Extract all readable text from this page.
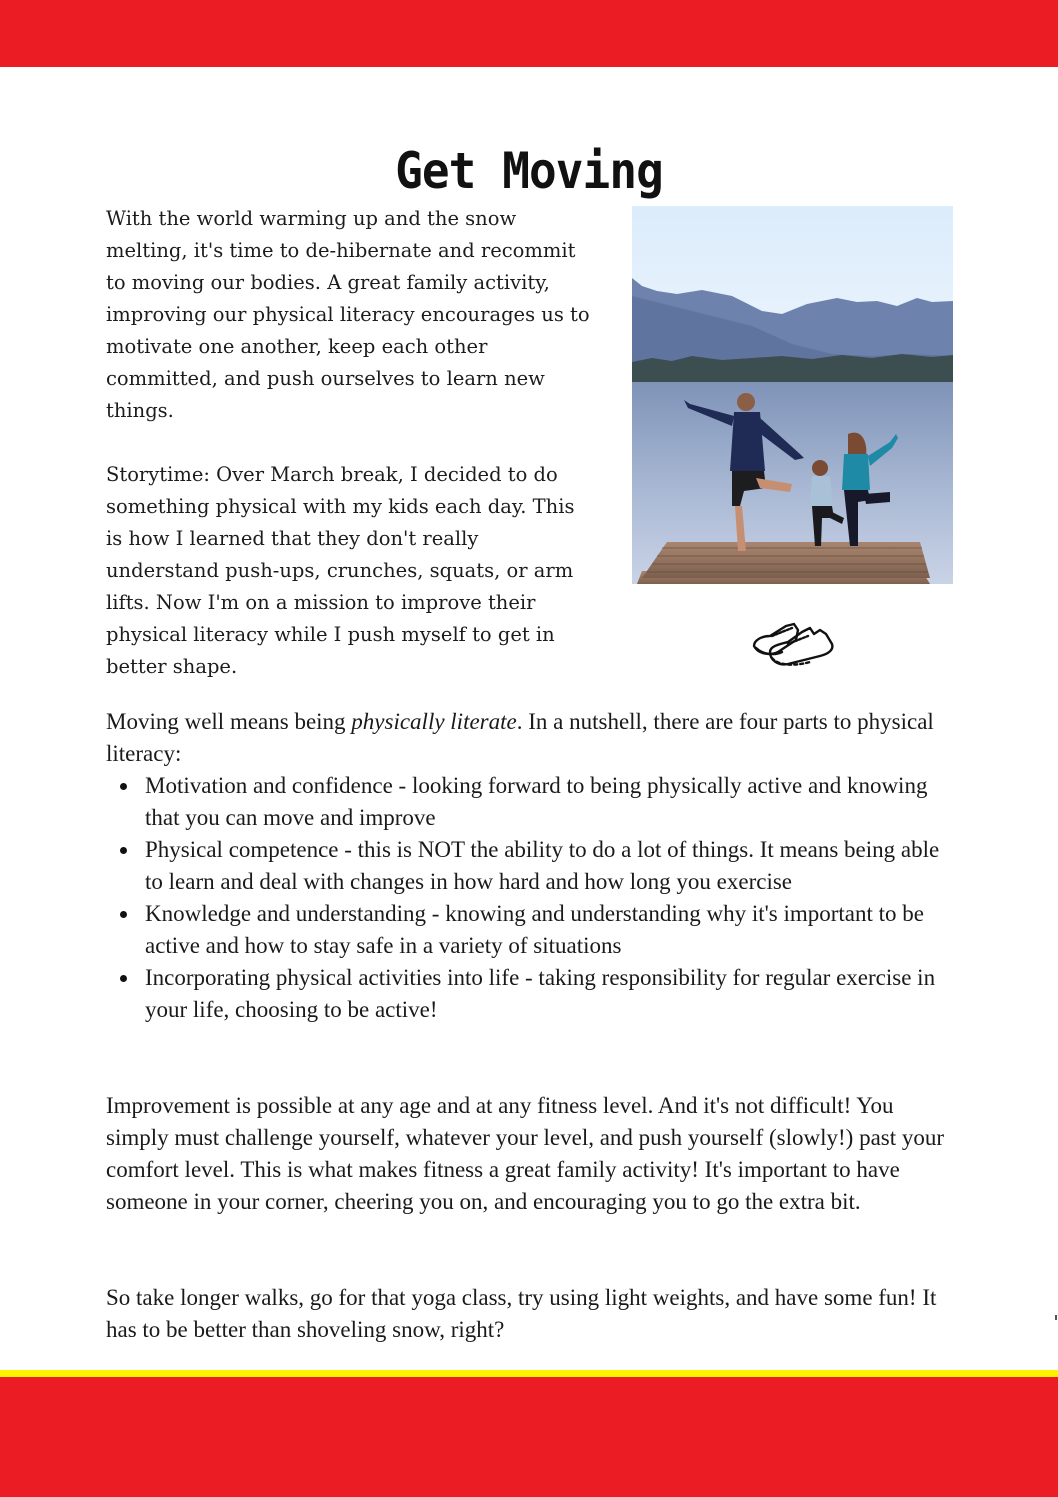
Get Moving

With the world warming up and the snow melting, it's time to de-hibernate and recommit to moving our bodies. A great family activity, improving our physical literacy encourages us to motivate one another, keep each other committed, and push ourselves to learn new things.

Storytime: Over March break, I decided to do something physical with my kids each day. This is how I learned that they don't really understand push-ups, crunches, squats, or arm lifts. Now I'm on a mission to improve their physical literacy while I push myself to get in better shape.

Moving well means being physically literate. In a nutshell, there are four parts to physical literacy:

Motivation and confidence - looking forward to being physically active and knowing that you can move and improve
Physical competence - this is NOT the ability to do a lot of things. It means being able to learn and deal with changes in how hard and how long you exercise
Knowledge and understanding - knowing and understanding why it's important to be active and how to stay safe in a variety of situations
Incorporating physical activities into life - taking responsibility for regular exercise in your life, choosing to be active!

Improvement is possible at any age and at any fitness level. And it's not difficult! You simply must challenge yourself, whatever your level, and push yourself (slowly!) past your comfort level. This is what makes fitness a great family activity! It's important to have someone in your corner, cheering you on, and encouraging you to go the extra bit.

So take longer walks, go for that yoga class, try using light weights, and have some fun! It has to be better than shoveling snow, right?
